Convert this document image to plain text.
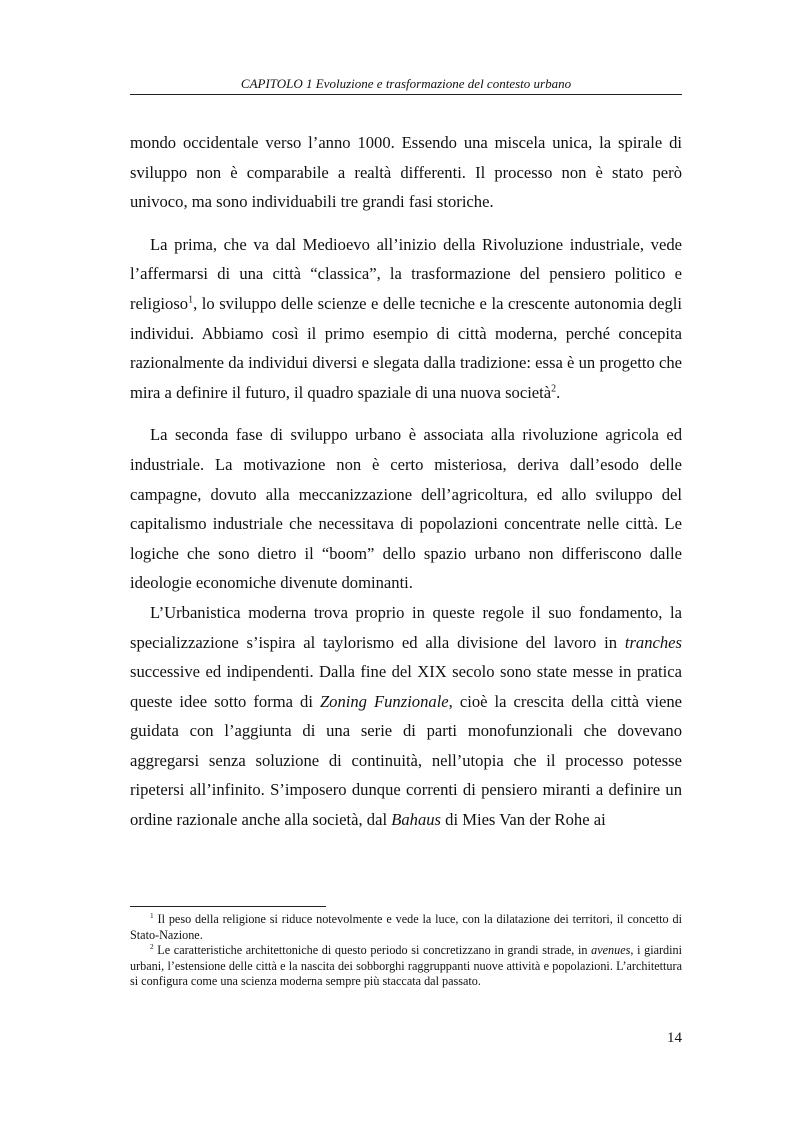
CAPITOLO 1 Evoluzione e trasformazione del contesto urbano

mondo occidentale verso l’anno 1000. Essendo una miscela unica, la spirale di sviluppo non è comparabile a realtà differenti. Il processo non è stato però univoco, ma sono individuabili tre grandi fasi storiche.

La prima, che va dal Medioevo all’inizio della Rivoluzione industriale, vede l’affermarsi di una città “classica”, la trasformazione del pensiero politico e religioso$^1$, lo sviluppo delle scienze e delle tecniche e la crescente autonomia degli individui. Abbiamo così il primo esempio di città moderna, perché concepita razionalmente da individui diversi e slegata dalla tradizione: essa è un progetto che mira a definire il futuro, il quadro spaziale di una nuova società$^2$.

La seconda fase di sviluppo urbano è associata alla rivoluzione agricola ed industriale. La motivazione non è certo misteriosa, deriva dall’esodo delle campagne, dovuto alla meccanizzazione dell’agricoltura, ed allo sviluppo del capitalismo industriale che necessitava di popolazioni concentrate nelle città. Le logiche che sono dietro il “boom” dello spazio urbano non differiscono dalle ideologie economiche divenute dominanti.

L’Urbanistica moderna trova proprio in queste regole il suo fondamento, la specializzazione s’ispira al taylorismo ed alla divisione del lavoro in tranches successive ed indipendenti. Dalla fine del XIX secolo sono state messe in pratica queste idee sotto forma di Zoning Funzionale, cioè la crescita della città viene guidata con l’aggiunta di una serie di parti monofunzionali che dovevano aggregarsi senza soluzione di continuità, nell’utopia che il processo potesse ripetersi all’infinito. S’imposero dunque correnti di pensiero miranti a definire un ordine razionale anche alla società, dal Bahaus di Mies Van der Rohe ai

$^1$ Il peso della religione si riduce notevolmente e vede la luce, con la dilatazione dei territori, il concetto di Stato-Nazione.

$^2$ Le caratteristiche architettoniche di questo periodo si concretizzano in grandi strade, in avenues, i giardini urbani, l’estensione delle città e la nascita dei sobborghi raggruppanti nuove attività e popolazioni. L’architettura si configura come una scienza moderna sempre più staccata dal passato.

14
